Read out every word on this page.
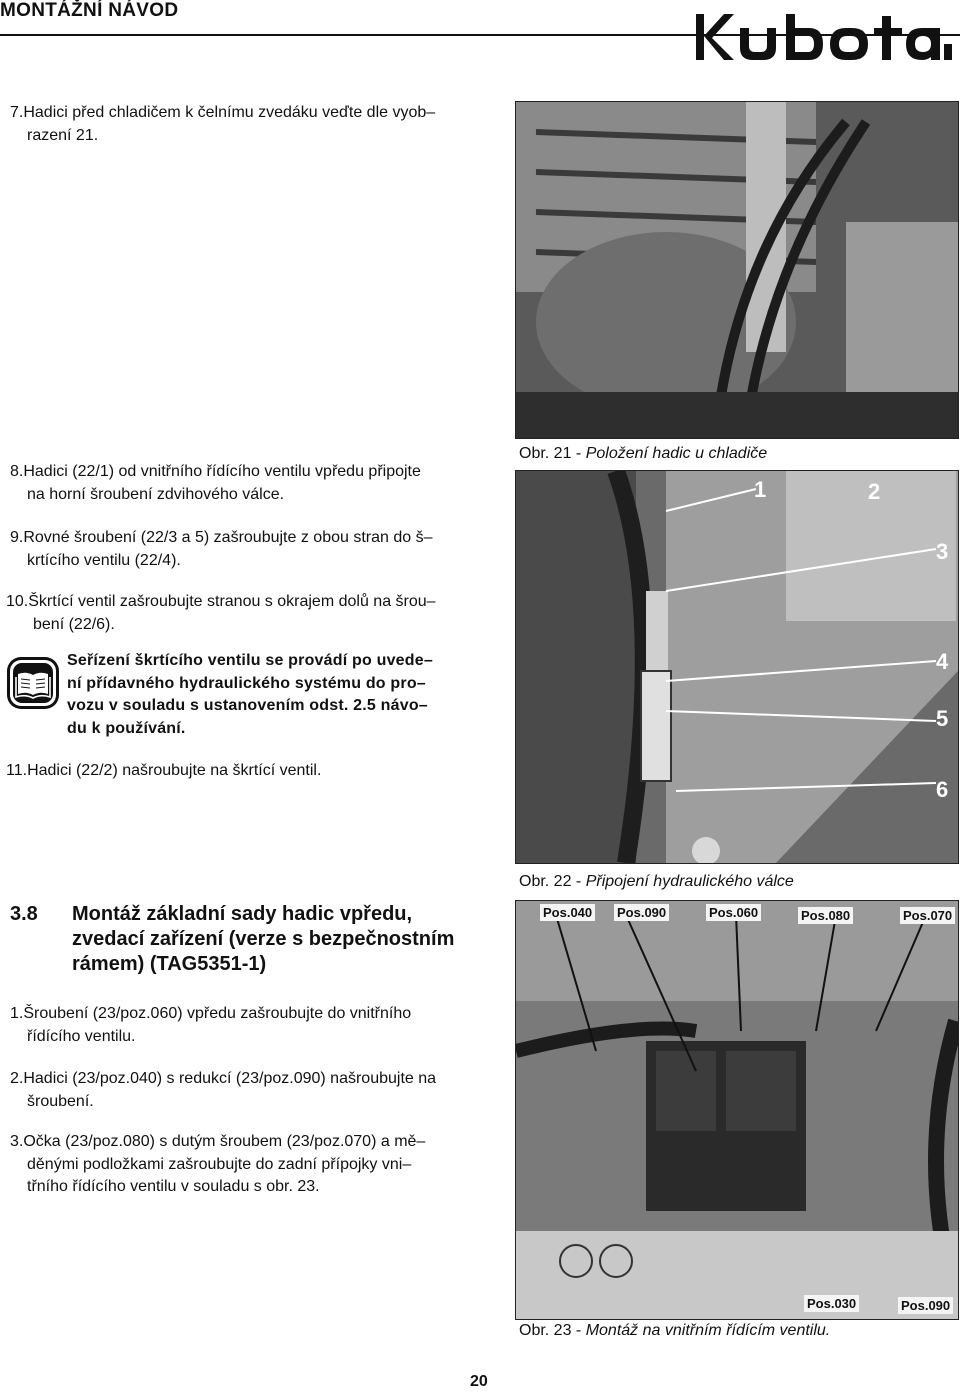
MONTÁŽNÍ NÁVOD
7.Hadici před chladičem k čelnímu zvedáku veďte dle vyob–
razení 21.
8.Hadici (22/1) od vnitřního řídícího ventilu vpředu připojte
na horní šroubení zdvihového válce.
9.Rovné šroubení (22/3 a 5) zašroubujte z obou stran do š–
krtícího ventilu (22/4).
10.Škrtící ventil zašroubujte stranou s okrajem dolů na šrou–
bení (22/6).
Seřízení škrtícího ventilu se provádí po uvede–
ní přídavného hydraulického systému do pro–
vozu v souladu s ustanovením odst. 2.5 návo–
du k používání.
11.Hadici (22/2) našroubujte na škrtící ventil.
3.8 Montáž základní sady hadic vpředu,
zvedací zařízení (verze s bezpečnostním
rámem) (TAG5351-1)
1.Šroubení (23/poz.060) vpředu zašroubujte do vnitřního
řídícího ventilu.
2.Hadici (23/poz.040) s redukcí (23/poz.090) našroubujte na
šroubení.
3.Očka (23/poz.080) s dutým šroubem (23/poz.070) a mě–
děnými podložkami zašroubujte do zadní přípojky vni–
třního řídícího ventilu v souladu s obr. 23.
Obr. 21 - Položení hadic u chladiče
1	2
3
4
5
6
Obr. 22 - Připojení hydraulického válce
Pos.040 Pos.090	Pos.060	Pos.080	Pos.070
Pos.030	Pos.090
Obr. 23 - Montáž na vnitřním řídícím ventilu.
20
